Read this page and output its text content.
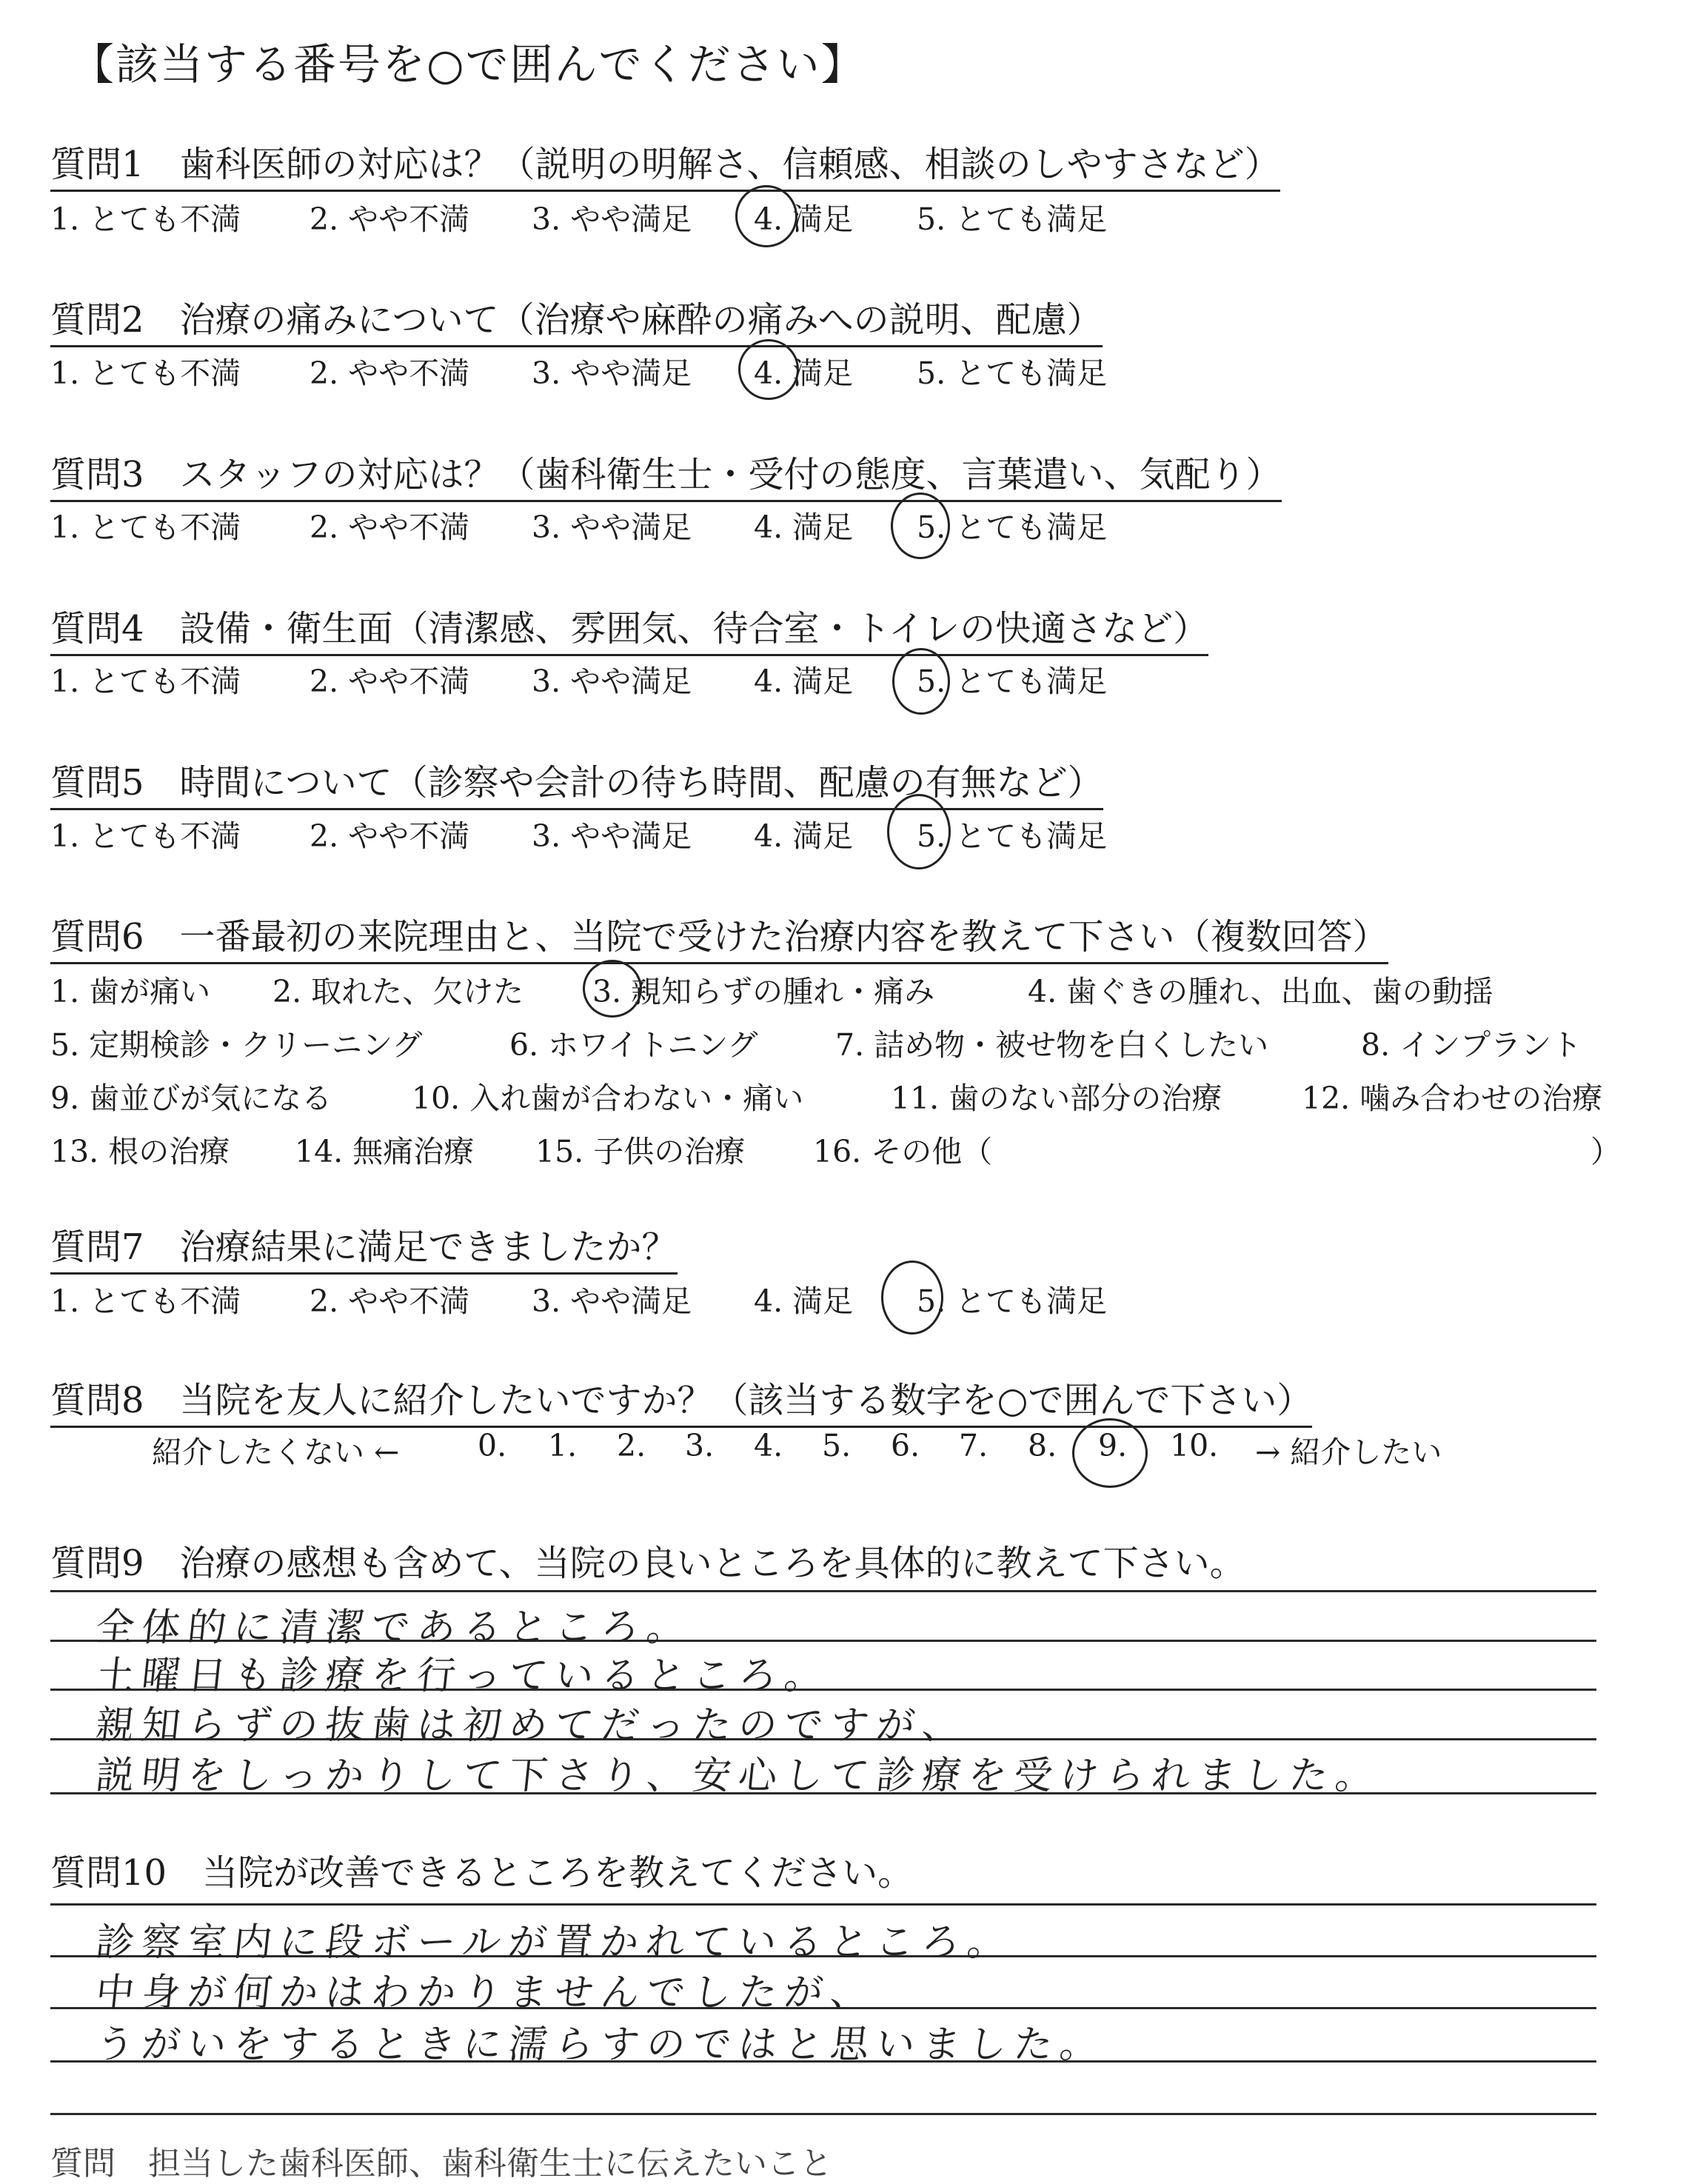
【該当する番号を○で囲んでください】
質問1　歯科医師の対応は？（説明の明解さ、信頼感、相談のしやすさなど）
1. とても不満 2. やや不満 3. やや満足 4. 満足 5. とても満足
質問2　治療の痛みについて（治療や麻酔の痛みへの説明、配慮）
1. とても不満 2. やや不満 3. やや満足 4. 満足 5. とても満足
質問3　スタッフの対応は？（歯科衛生士・受付の態度、言葉遣い、気配り）
1. とても不満 2. やや不満 3. やや満足 4. 満足 5. とても満足
質問4　設備・衛生面（清潔感、雰囲気、待合室・トイレの快適さなど）
1. とても不満 2. やや不満 3. やや満足 4. 満足 5. とても満足
質問5　時間について（診察や会計の待ち時間、配慮の有無など）
1. とても不満 2. やや不満 3. やや満足 4. 満足 5. とても満足
質問6　一番最初の来院理由と、当院で受けた治療内容を教えて下さい（複数回答）
1. 歯が痛い 2. 取れた、欠けた 3. 親知らずの腫れ・痛み	4. 歯ぐきの腫れ、出血、歯の動揺
5. 定期検診・クリーニング	6. ホワイトニング	7. 詰め物・被せ物を白くしたい	8. インプラント
9. 歯並びが気になる	10. 入れ歯が合わない・痛い	11. 歯のない部分の治療	12. 噛み合わせの治療
13. 根の治療 14. 無痛治療 15. 子供の治療 16. その他（	）
質問7　治療結果に満足できましたか？
1. とても不満 2. やや不満 3. やや満足 4. 満足 5. とても満足
質問8　当院を友人に紹介したいですか？（該当する数字を○で囲んで下さい）
紹介したくない ←	0. 1. 2. 3. 4. 5. 6. 7. 8. 9. 10. → 紹介したい
質問9　治療の感想も含めて、当院の良いところを具体的に教えて下さい。
全体的に清潔であるところ。
土曜日も診療を行っているところ。
親知らずの抜歯は初めてだったのですが、
説明をしっかりして下さり、安心して診療を受けられました。
質問10　当院が改善できるところを教えてください。
診察室内に段ボールが置かれているところ。
中身が何かはわかりませんでしたが、
うがいをするときに濡らすのではと思いました。
質問　担当した歯科医師、歯科衛生士に伝えたいこと
